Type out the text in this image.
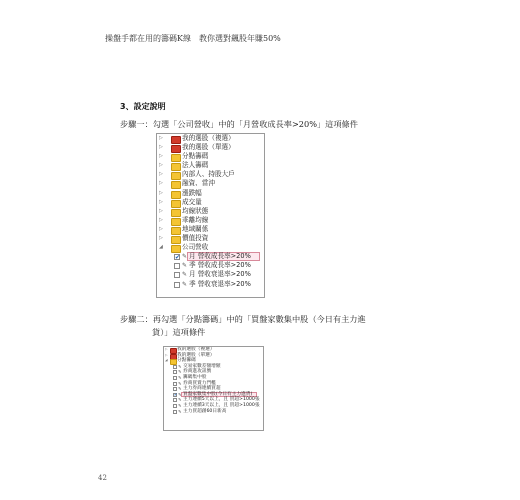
操盤手都在用的籌碼K線　教你選對飆股年賺50%
3、設定說明
步驟一：勾選「公司營收」中的「月營收成長率>20%」這項條件
▷	我的選股（複選）
▷	我的選股（單選）
▷	分點籌碼
▷	法人籌碼
▷	內部人、持股大戶
▷	融資、當沖
▷	漲跌幅
▷	成交量
▷	均線狀態
▷	乖離均線
▷	地域關係
▷	價值投資
◢	公司營收
✔
✎ 月 營收成長率>20%
✎ 季 營收成長率>20%
✎ 月 營收衰退率>20%
✎ 季 營收衰退率>20%
步驟二：再勾選「分點籌碼」中的「買盤家數集中股（今日有主力進
貨）」這項條件
▷ 我的選股（複選）
▷ 我的選股（單選）
◢ 分點籌碼
✎ 交易家數差額增額
✎ 券商進攻訊號
✎ 籌碼集中股
✎ 券商買賣力門檻
✎ 主力券商連續買超
✔
✎ 買盤家數集中股(今日有主力進貨)
✎ 主力連續5天以上，且 買超>1000張
✎ 主力連續3天以上，且 買超>1000張
✎ 主力買超創60日新高
42
